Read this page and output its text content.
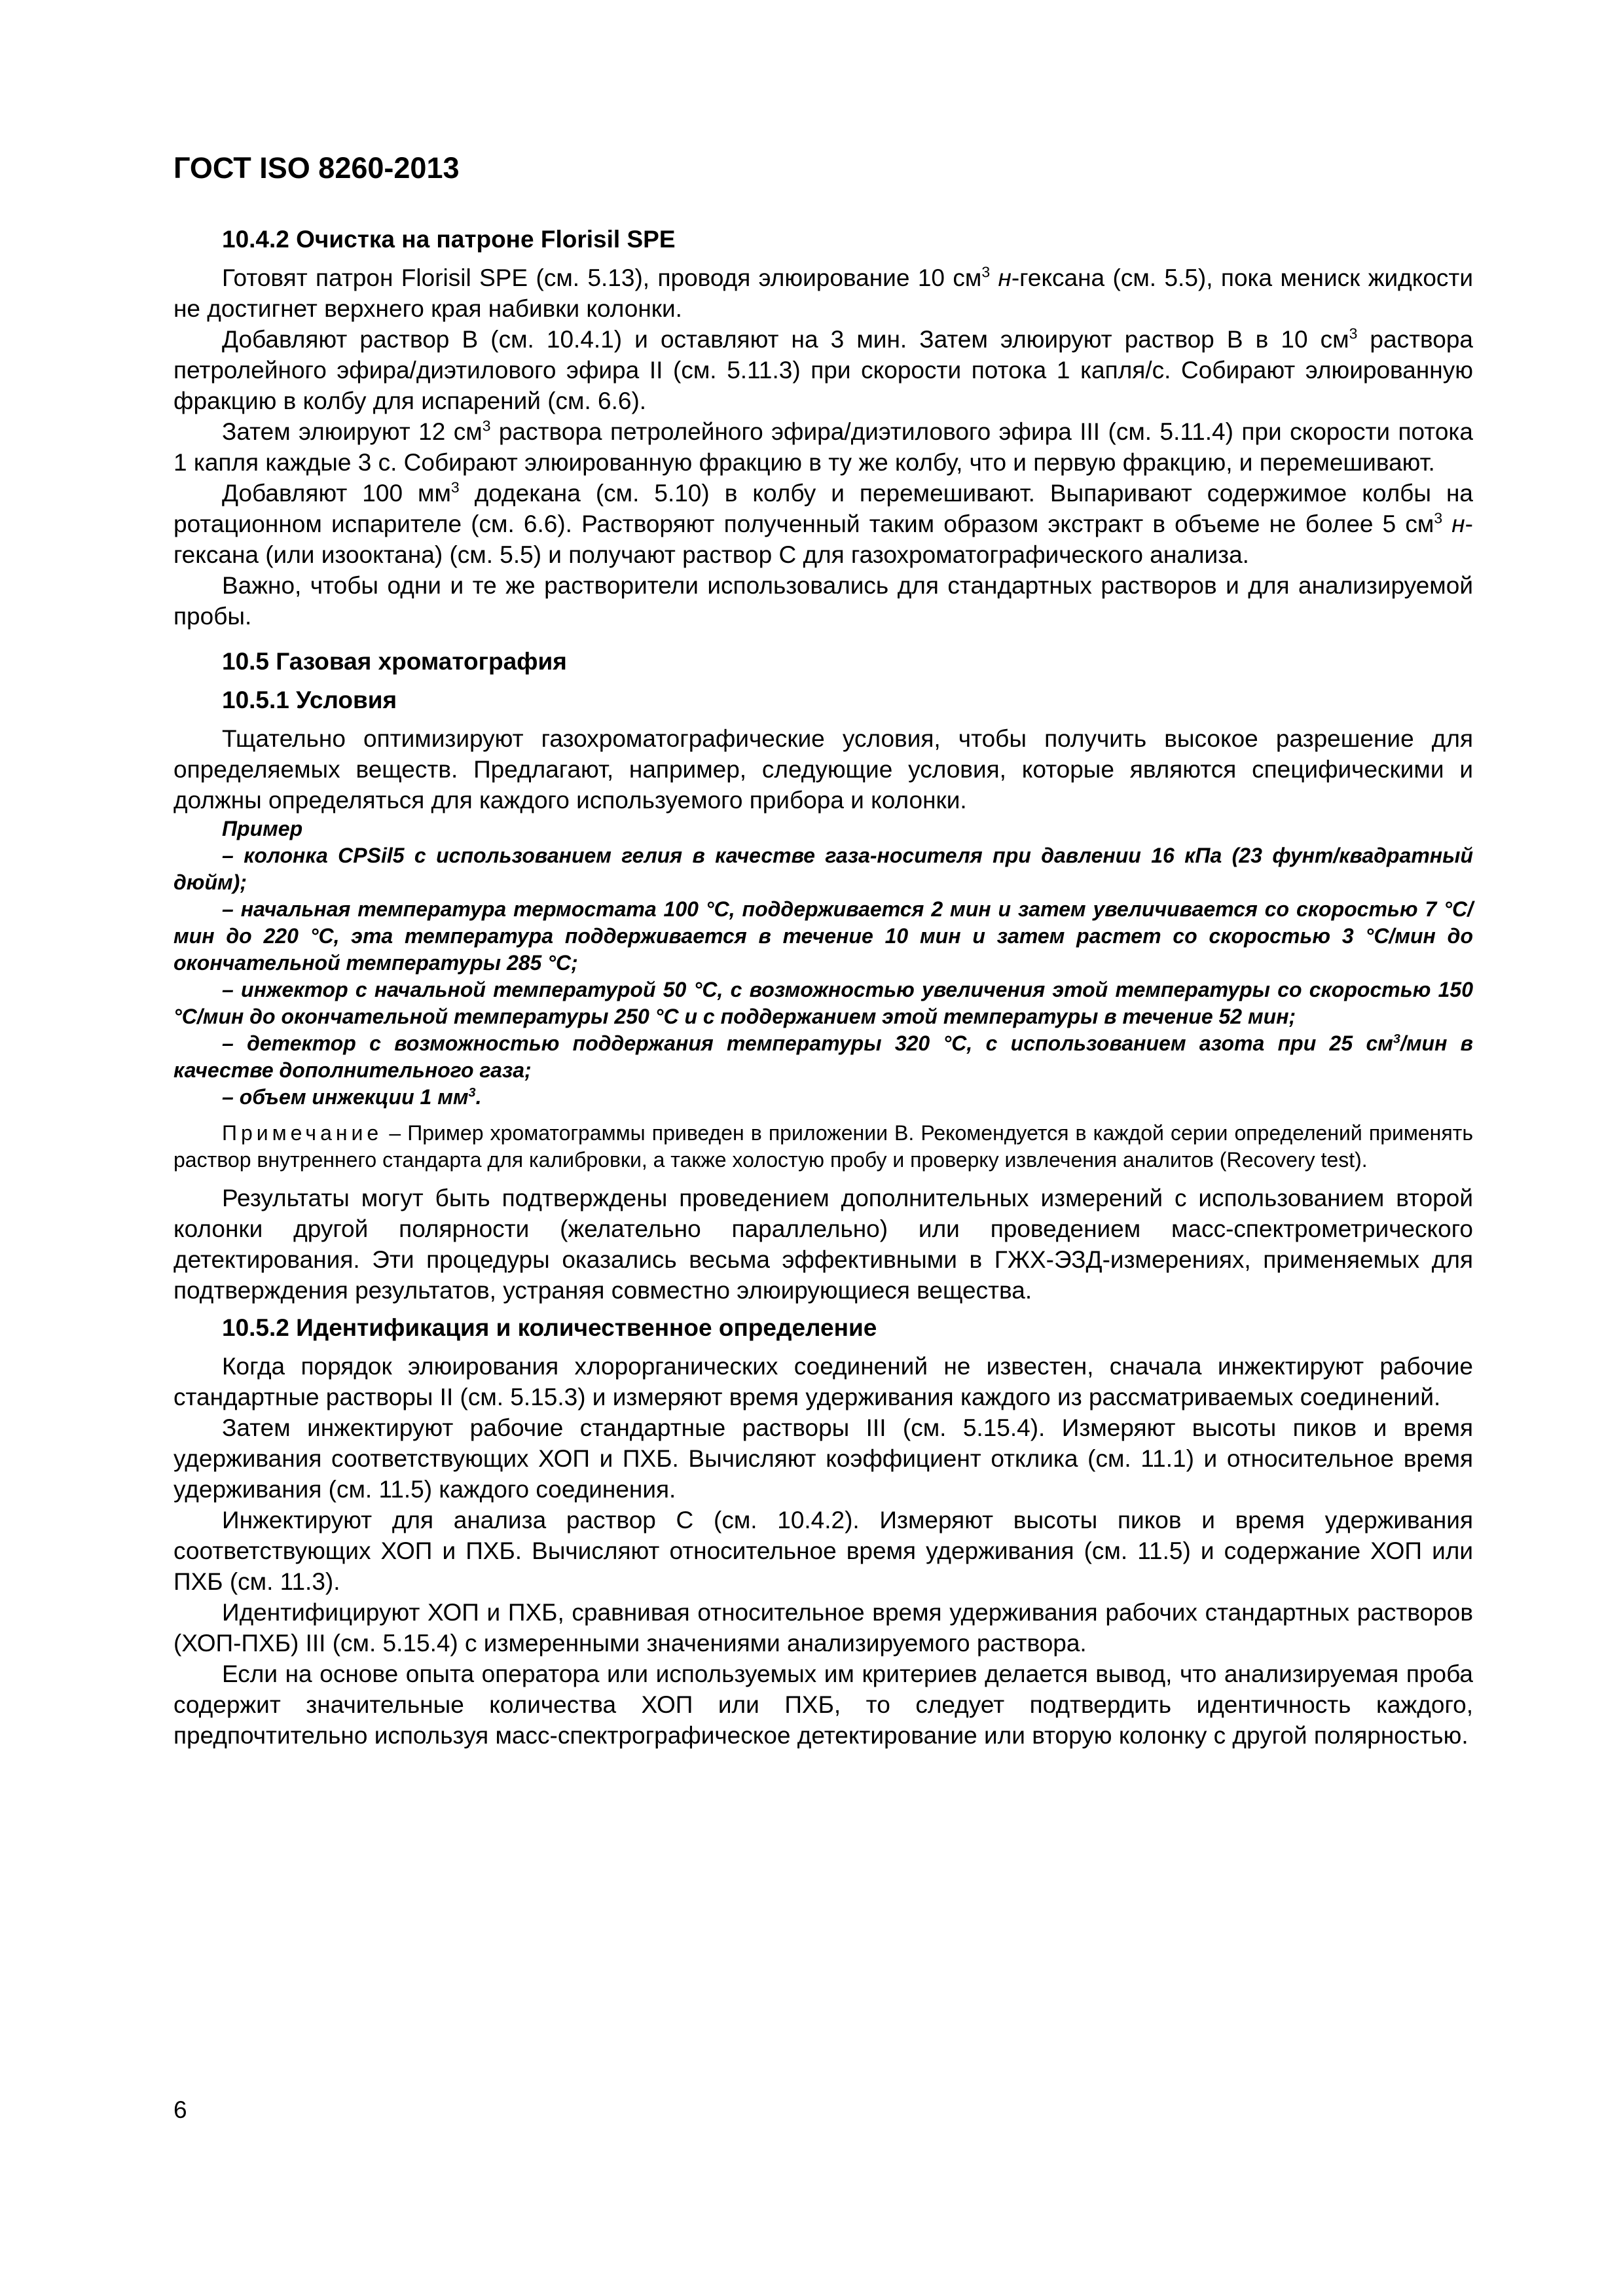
ГОСТ ISO 8260-2013
10.4.2 Очистка на патроне Florisil SPE

Готовят патрон Florisil SPE (см. 5.13), проводя элюирование 10 $см^3$ н-гексана (см. 5.5), пока мениск жидкости не достигнет верхнего края набивки колонки.

Добавляют раствор В (см. 10.4.1) и оставляют на 3 мин. Затем элюируют раствор В в 10 $см^3$ растворa петролейного эфира/диэтилового эфира II (см. 5.11.3) при скорости потока 1 капля/с. Собирают элюированную фракцию в колбу для испарений (см. 6.6).

Затем элюируют 12 $см^3$ раствора петролейного эфира/диэтилового эфира III (см. 5.11.4) при скорости потока 1 капля каждые 3 с. Собирают элюированную фракцию в ту же колбу, что и первую фракцию, и перемешивают.

Добавляют 100 $мм^3$ додекана (см. 5.10) в колбу и перемешивают. Выпаривают содержимое колбы на ротационном испарителе (см. 6.6). Растворяют полученный таким образом экстракт в объеме не более 5 $см^3$ н-гексана (или изооктана) (см. 5.5) и получают раствор С для газохроматографического анализа.

Важно, чтобы одни и те же растворители использовались для стандартных растворов и для анализируемой пробы.

10.5 Газовая хроматография
10.5.1 Условия

Тщательно оптимизируют газохроматографические условия, чтобы получить высокое разрешение для определяемых веществ. Предлагают, например, следующие условия, которые являются специфическими и должны определяться для каждого используемого прибора и колонки.

Пример

– колонка CPSil5 с использованием гелия в качестве газа-носителя при давлении 16 кПа (23 фунт/квадратный дюйм);

– начальная температура термостата 100 °С, поддерживается 2 мин и затем увеличивается со скоростью 7 °С/мин до 220 °С, эта температура поддерживается в течение 10 мин и затем растет со скоростью 3 °С/мин до окончательной температуры 285 °С;

– инжектор с начальной температурой 50 °С, с возможностью увеличения этой температуры со скоростью 150 °С/мин до окончательной температуры 250 °С и с поддержанием этой температуры в течение 52 мин;

– детектор с возможностью поддержания температуры 320 °С, с использованием азота при 25 $см^3$/мин в качестве дополнительного газа;

– объем инжекции 1 $мм^3$.

Примечание – Пример хроматограммы приведен в приложении В. Рекомендуется в каждой серии определений применять раствор внутреннего стандарта для калибровки, а также холостую пробу и проверку извлечения аналитов (Recovery test).

Результаты могут быть подтверждены проведением дополнительных измерений с использованием второй колонки другой полярности (желательно параллельно) или проведением масс-спектрометрического детектирования. Эти процедуры оказались весьма эффективными в ГЖХ-ЭЗД-измерениях, применяемых для подтверждения результатов, устраняя совместно элюирующиеся вещества.

10.5.2 Идентификация и количественное определение

Когда порядок элюирования хлорорганических соединений не известен, сначала инжектируют рабочие стандартные растворы II (см. 5.15.3) и измеряют время удерживания каждого из рассматриваемых соединений.

Затем инжектируют рабочие стандартные растворы III (см. 5.15.4). Измеряют высоты пиков и время удерживания соответствующих ХОП и ПХБ. Вычисляют коэффициент отклика (см. 11.1) и относительное время удерживания (см. 11.5) каждого соединения.

Инжектируют для анализа раствор С (см. 10.4.2). Измеряют высоты пиков и время удерживания соответствующих ХОП и ПХБ. Вычисляют относительное время удерживания (см. 11.5) и содержание ХОП или ПХБ (см. 11.3).

Идентифицируют ХОП и ПХБ, сравнивая относительное время удерживания рабочих стандартных растворов (ХОП-ПХБ) III (см. 5.15.4) с измеренными значениями анализируемого раствора.

Если на основе опыта оператора или используемых им критериев делается вывод, что анализируемая проба содержит значительные количества ХОП или ПХБ, то следует подтвердить идентичность каждого, предпочтительно используя масс-спектрографическое детектирование или вторую колонку с другой полярностью.

6
